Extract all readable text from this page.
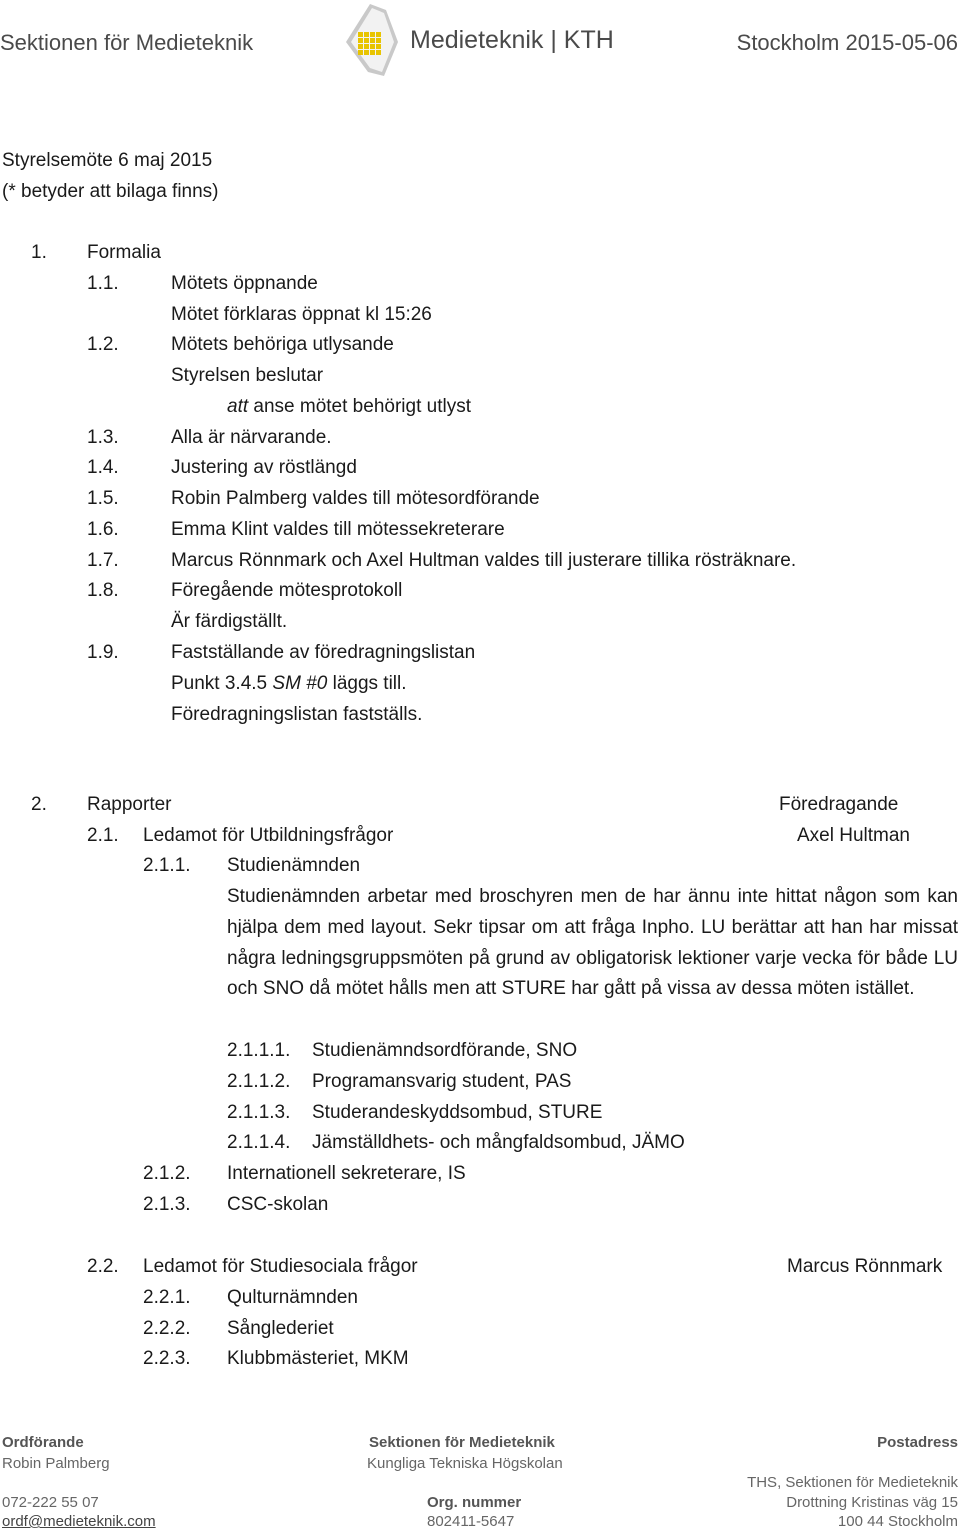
Sektionen för Medieteknik	Medieteknik | KTH	Stockholm 2015-05-06
Styrelsemöte 6 maj 2015
(* betyder att bilaga finns)
1. Formalia
1.1.	Mötets öppnande
Mötet förklaras öppnat kl 15:26
1.2.	Mötets behöriga utlysande
Styrelsen beslutar
att anse mötet behörigt utlyst
1.3.	Alla är närvarande.
1.4.	Justering av röstlängd
1.5.	Robin Palmberg valdes till mötesordförande
1.6.	Emma Klint valdes till mötessekreterare
1.7.	Marcus Rönnmark och Axel Hultman valdes till justerare tillika rösträknare.
1.8.	Föregående mötesprotokoll
Är färdigställt.
1.9.	Fastställande av föredragningslistan
Punkt 3.4.5 SM #0 läggs till.
Föredragningslistan fastställs.
2. Rapporter	Föredragande
2.1. Ledamot för Utbildningsfrågor	Axel Hultman
2.1.1. Studienämnden
Studienämnden arbetar med broschyren men de har ännu inte hittat någon som kan hjälpa dem med layout. Sekr tipsar om att fråga Inpho. LU berättar att han har missat några ledningsgruppsmöten på grund av obligatorisk lektioner varje vecka för både LU och SNO då mötet hålls men att STURE har gått på vissa av dessa möten istället.
2.1.1.1. Studienämndsordförande, SNO
2.1.1.2. Programansvarig student, PAS
2.1.1.3. Studerandeskyddsombud, STURE
2.1.1.4. Jämställdhets- och mångfaldsombud, JÄMO
2.1.2. Internationell sekreterare, IS
2.1.3. CSC-skolan
2.2. Ledamot för Studiesociala frågor	Marcus Rönnmark
2.2.1. Qulturnämnden
2.2.2. Sånglederiet
2.2.3. Klubbmästeriet, MKM
Ordförande
Robin Palmberg
072-222 55 07
ordf@medieteknik.com
Sektionen för Medieteknik
Kungliga Tekniska Högskolan
Org. nummer
802411-5647
Postadress
THS, Sektionen för Medieteknik
Drottning Kristinas väg 15
100 44 Stockholm
